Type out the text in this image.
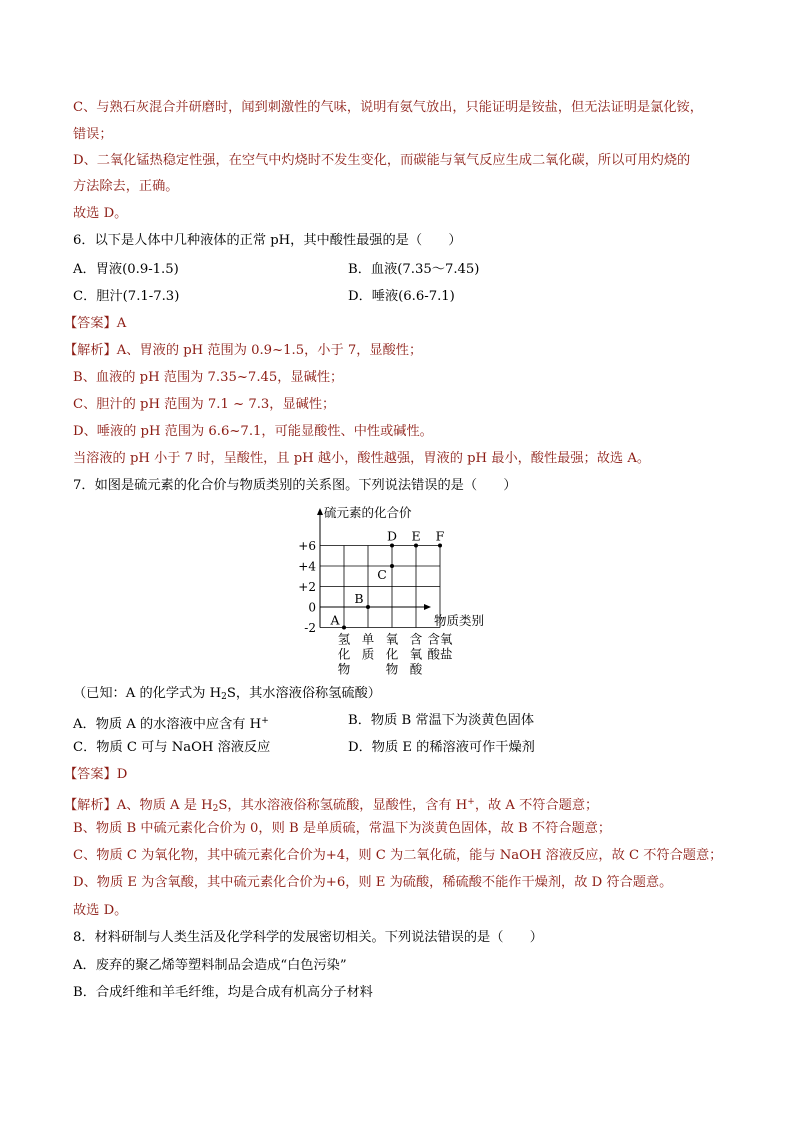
C、与熟石灰混合并研磨时，闻到刺激性的气味，说明有氨气放出，只能证明是铵盐，但无法证明是氯化铵，
错误；
D、二氧化锰热稳定性强，在空气中灼烧时不发生变化，而碳能与氧气反应生成二氧化碳，所以可用灼烧的
方法除去，正确。
故选 D。
6．以下是人体中几种液体的正常 pH，其中酸性最强的是（　　）
A．胃液(0.9-1.5)	B．血液(7.35～7.45)
C．胆汁(7.1-7.3)	D．唾液(6.6-7.1)
【答案】A
【解析】A、胃液的 pH 范围为 0.9~1.5，小于 7，显酸性；
B、血液的 pH 范围为 7.35~7.45，显碱性；
C、胆汁的 pH 范围为 7.1 ~ 7.3，显碱性；
D、唾液的 pH 范围为 6.6~7.1，可能显酸性、中性或碱性。
当溶液的 pH 小于 7 时，呈酸性，且 pH 越小，酸性越强，胃液的 pH 最小，酸性最强；故选 A。
7．如图是硫元素的化合价与物质类别的关系图。下列说法错误的是（　　）
硫元素的化合价
物质类别
+6
+4
+2
0
-2
氢
化
物
单
质
氧
化
物
含
氧
酸
含氧
酸盐
A
B
C
D E F
（已知：A 的化学式为 $H_2S$，其水溶液俗称氢硫酸）
A．物质 A 的水溶液中应含有 H+	B．物质 B 常温下为淡黄色固体
C．物质 C 可与 NaOH 溶液反应	D．物质 E 的稀溶液可作干燥剂
【答案】D
【解析】A、物质 A 是 $H_2S$，其水溶液俗称氢硫酸，显酸性，含有 H+，故 A 不符合题意；
B、物质 B 中硫元素化合价为 0，则 B 是单质硫，常温下为淡黄色固体，故 B 不符合题意；
C、物质 C 为氧化物，其中硫元素化合价为+4，则 C 为二氧化硫，能与 NaOH 溶液反应，故 C 不符合题意；
D、物质 E 为含氧酸，其中硫元素化合价为+6，则 E 为硫酸，稀硫酸不能作干燥剂，故 D 符合题意。
故选 D。
8．材料研制与人类生活及化学科学的发展密切相关。下列说法错误的是（　　）
A．废弃的聚乙烯等塑料制品会造成“白色污染”
B．合成纤维和羊毛纤维，均是合成有机高分子材料
